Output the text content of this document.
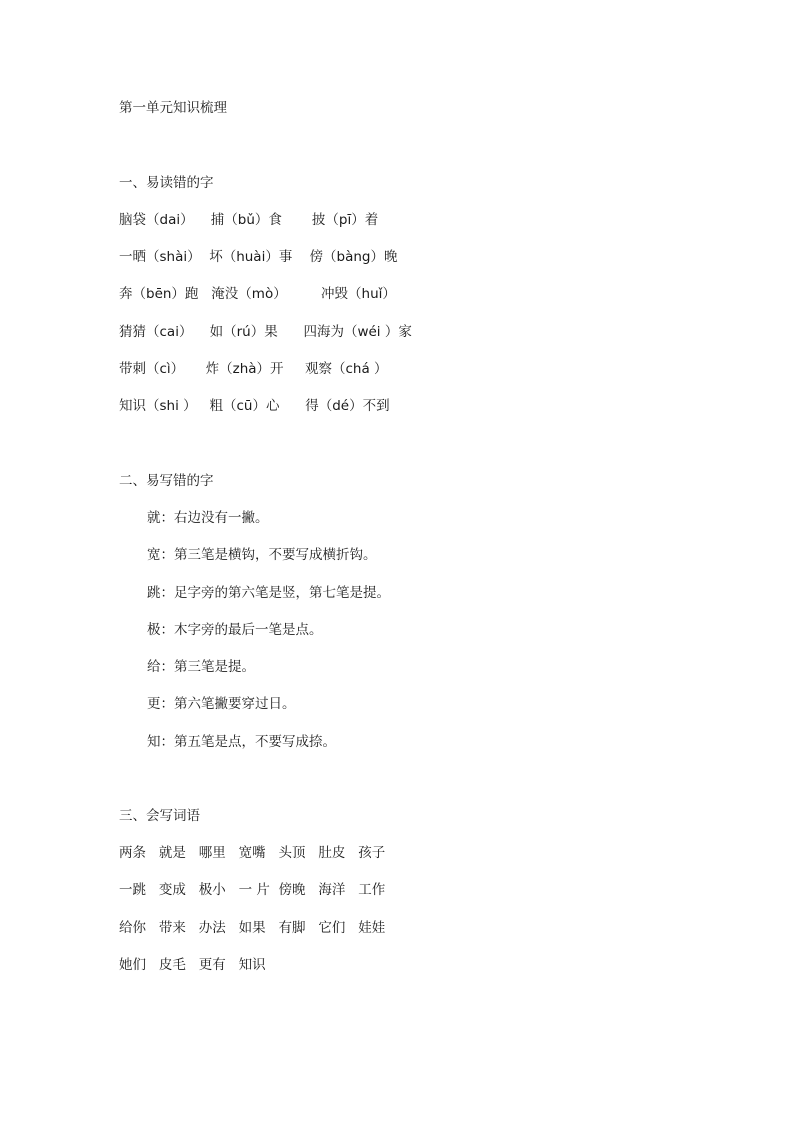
第一单元知识梳理
一、易读错的字
脑袋（dai）    捕（bǔ）食       披（pī）着
一晒（shài）  坏（huài）事    傍（bàng）晚
奔（bēn）跑   淹没（mò）        冲毁（huǐ）
猜猜（cai）    如（rú）果      四海为（wéi ）家
带刺（cì）     炸（zhà）开     观察（chá ）
知识（shi ）   粗（cū）心      得（dé）不到
二、易写错的字
就：右边没有一撇。
宽：第三笔是横钩，不要写成横折钩。
跳：足字旁的第六笔是竖，第七笔是提。
极：木字旁的最后一笔是点。
给：第三笔是提。
更：第六笔撇要穿过日。
知：第五笔是点，不要写成捺。
三、会写词语
两条   就是   哪里   宽嘴   头顶   肚皮   孩子
一跳   变成   极小   一 片  傍晚   海洋   工作
给你   带来   办法   如果   有脚   它们   娃娃
她们   皮毛   更有   知识
